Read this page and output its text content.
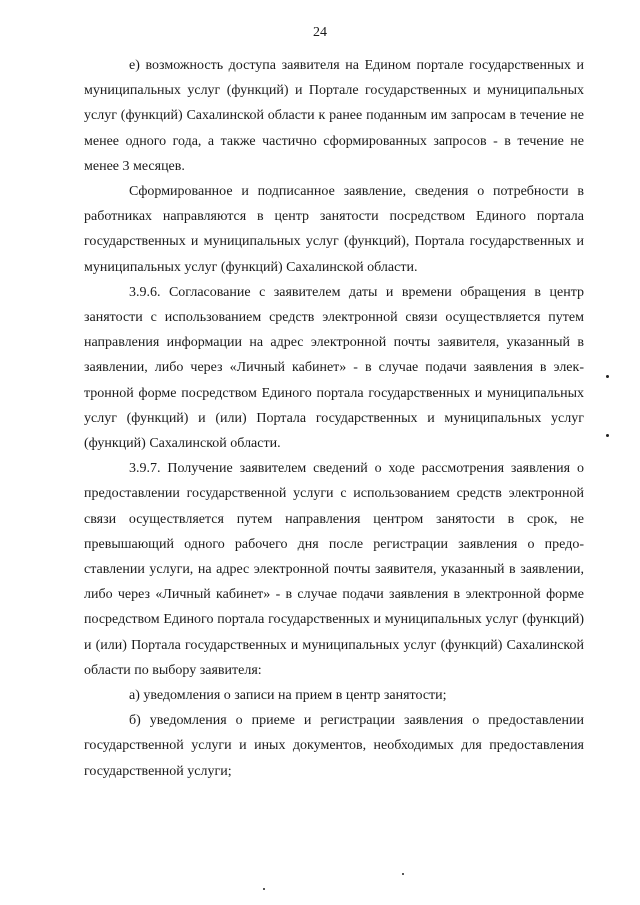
24

е) возможность доступа заявителя на Едином портале государственных и муниципальных услуг (функций) и Портале государственных и муниципальных услуг (функций) Сахалинской области к ранее поданным им запросам в течение не менее одного года, а также частично сформированных запросов - в течение не менее 3 месяцев.

Сформированное и подписанное заявление, сведения о потребности в работниках направляются в центр занятости посредством Единого портала государственных и муниципальных услуг (функций), Портала государственных и муниципальных услуг (функций) Сахалинской области.

3.9.6. Согласование с заявителем даты и времени обращения в центр занятости с использованием средств электронной связи осуществляется путем направления информации на адрес электронной почты заявителя, указанный в заявлении, либо через «Личный кабинет» - в случае подачи заявления в электронной форме посредством Единого портала государственных и муниципальных услуг (функций) и (или) Портала государственных и муниципальных услуг (функций) Сахалинской области.

3.9.7. Получение заявителем сведений о ходе рассмотрения заявления о предоставлении государственной услуги с использованием средств электронной связи осуществляется путем направления центром занятости в срок, не превышающий одного рабочего дня после регистрации заявления о предоставлении услуги, на адрес электронной почты заявителя, указанный в заявлении, либо через «Личный кабинет» - в случае подачи заявления в электронной форме посредством Единого портала государственных и муниципальных услуг (функций) и (или) Портала государственных и муниципальных услуг (функций) Сахалинской области по выбору заявителя:

а) уведомления о записи на прием в центр занятости;

б) уведомления о приеме и регистрации заявления о предоставлении государственной услуги и иных документов, необходимых для предоставления государственной услуги;
